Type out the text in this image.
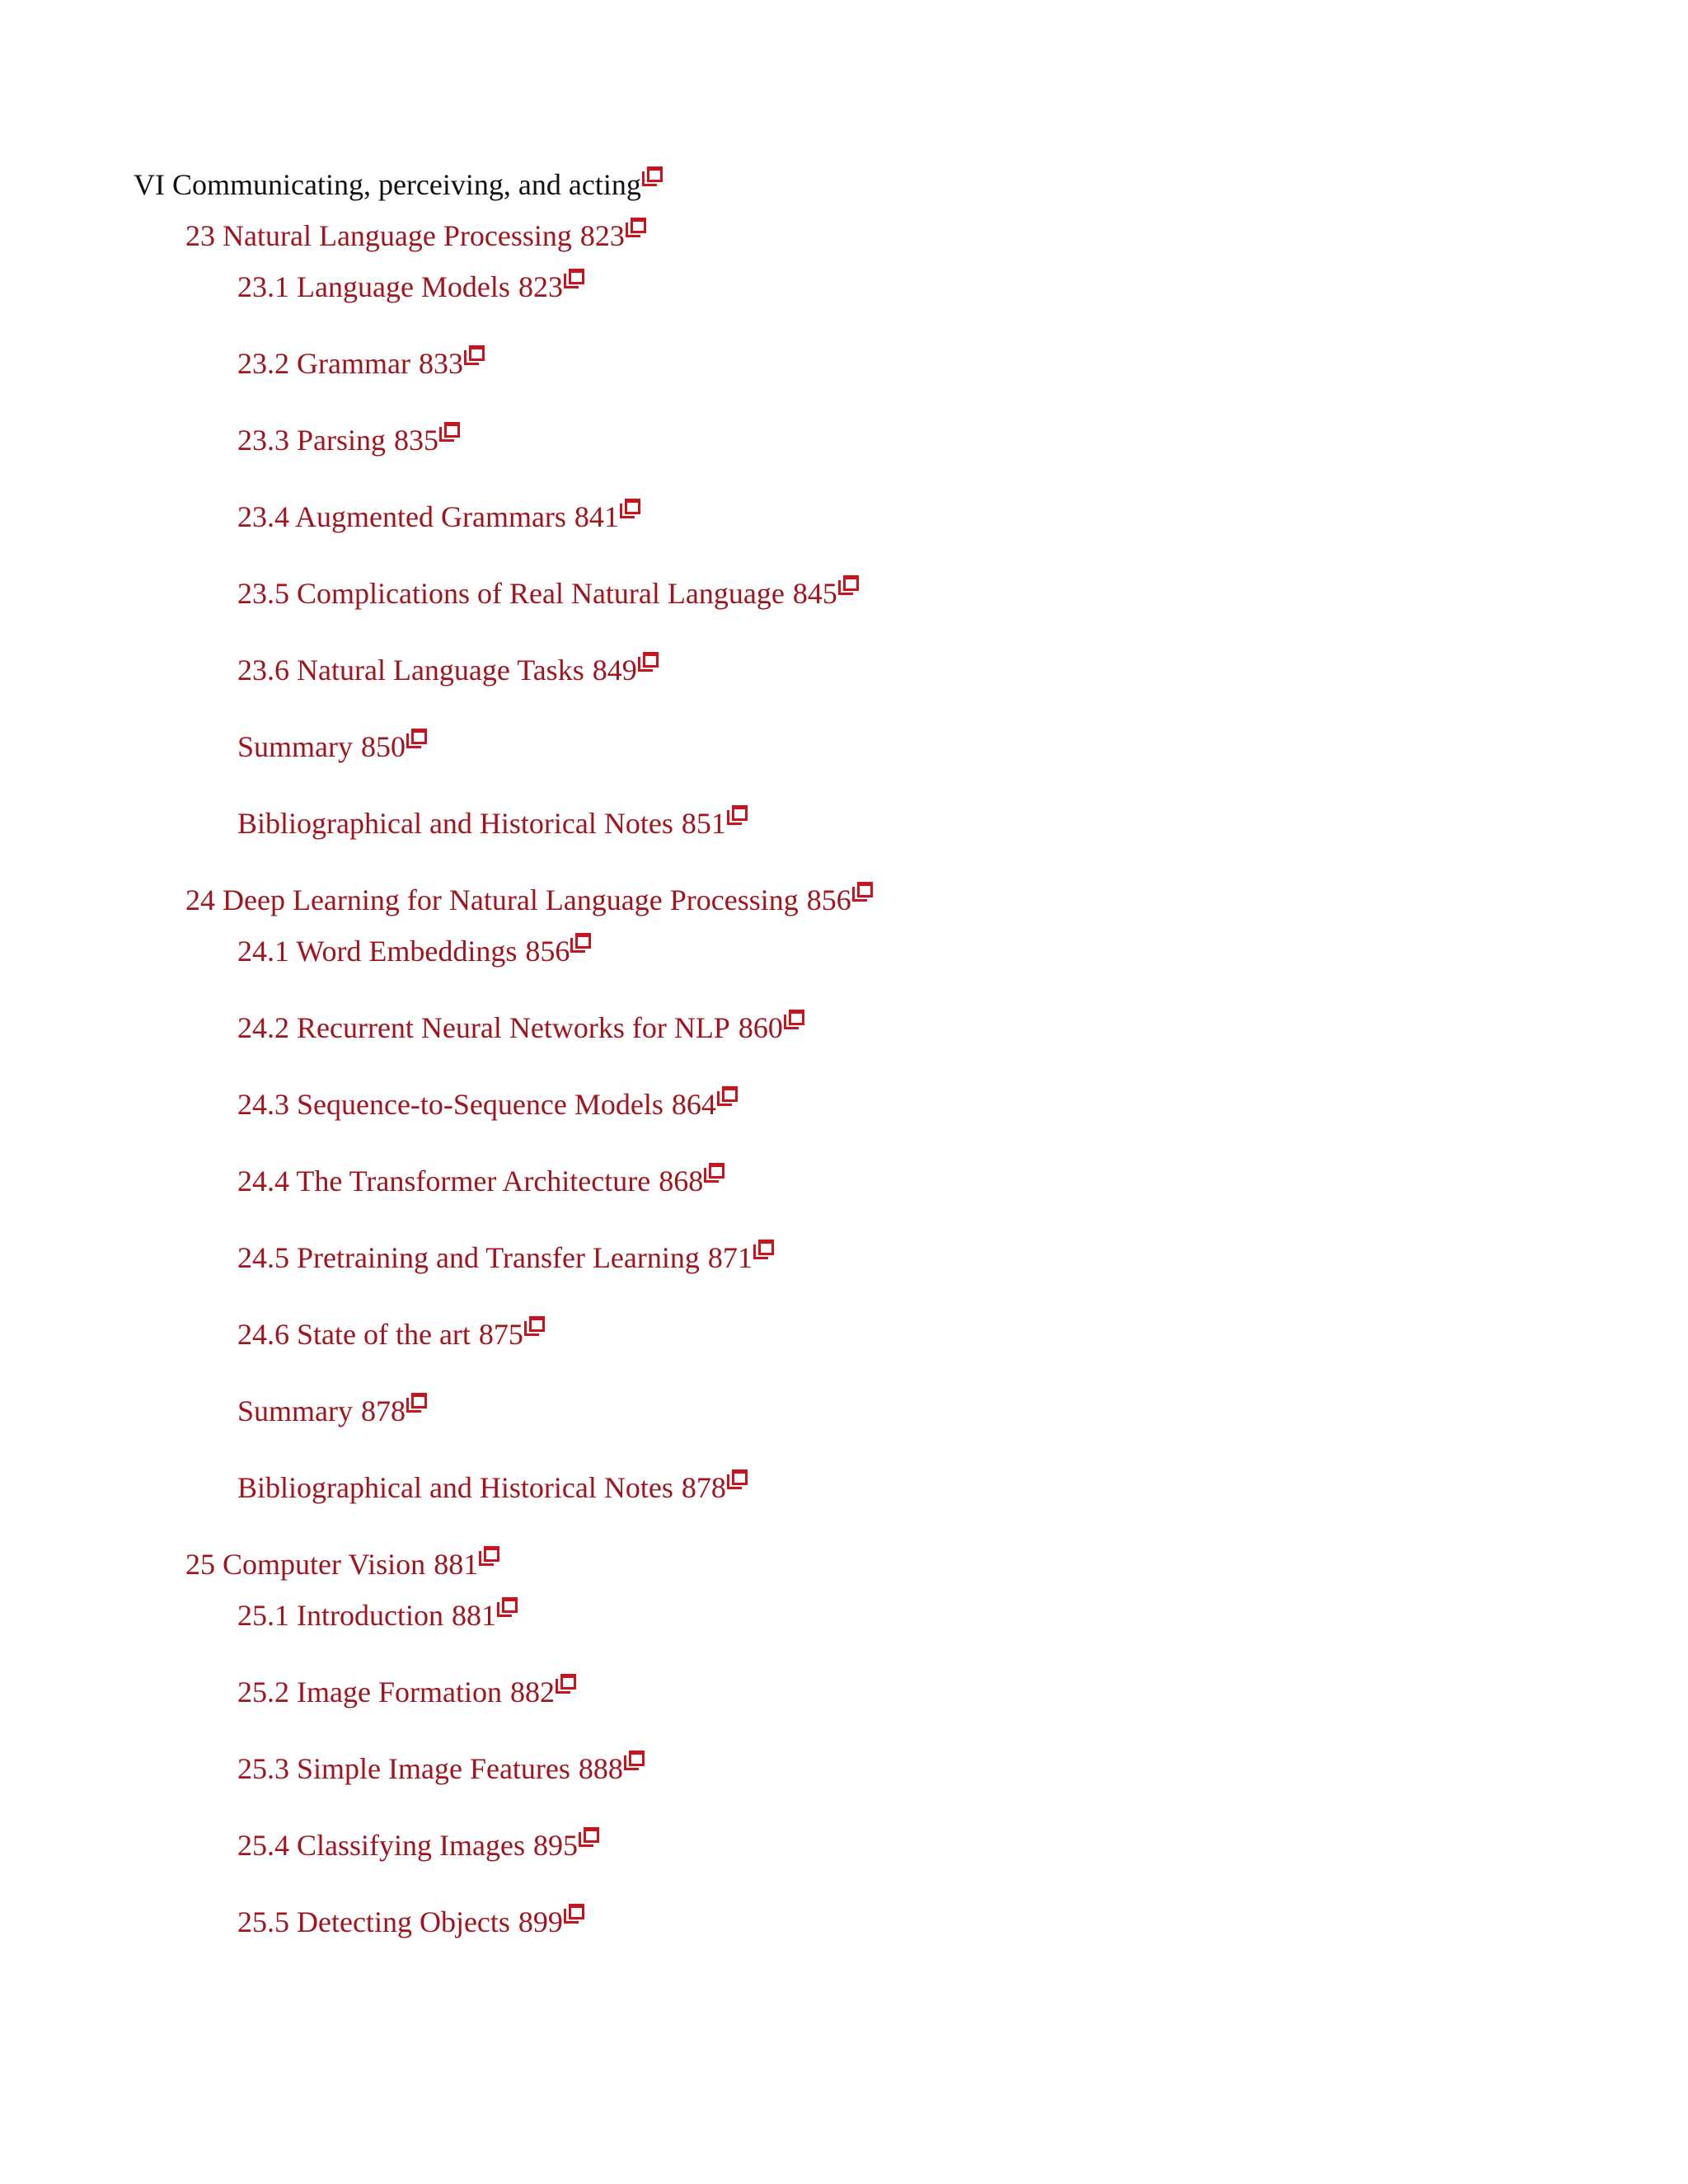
VI Communicating, perceiving, and acting
23 Natural Language Processing 823
23.1 Language Models 823
23.2 Grammar 833
23.3 Parsing 835
23.4 Augmented Grammars 841
23.5 Complications of Real Natural Language 845
23.6 Natural Language Tasks 849
Summary 850
Bibliographical and Historical Notes 851
24 Deep Learning for Natural Language Processing 856
24.1 Word Embeddings 856
24.2 Recurrent Neural Networks for NLP 860
24.3 Sequence-to-Sequence Models 864
24.4 The Transformer Architecture 868
24.5 Pretraining and Transfer Learning 871
24.6 State of the art 875
Summary 878
Bibliographical and Historical Notes 878
25 Computer Vision 881
25.1 Introduction 881
25.2 Image Formation 882
25.3 Simple Image Features 888
25.4 Classifying Images 895
25.5 Detecting Objects 899
